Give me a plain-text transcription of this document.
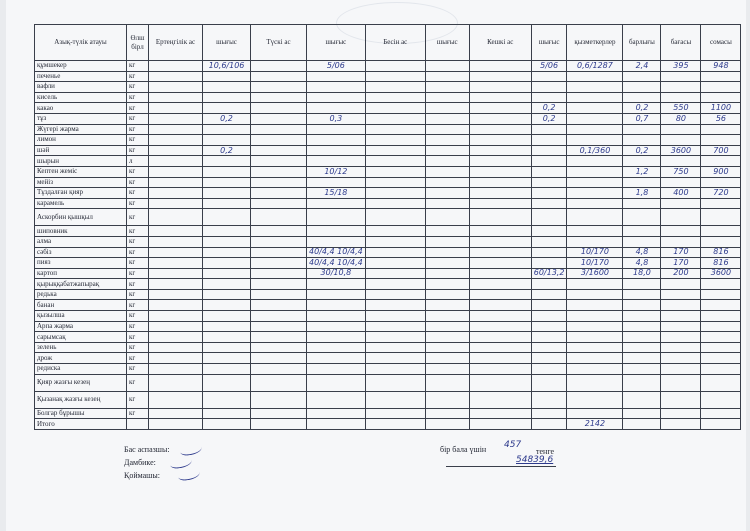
Азық-түлік атауы	Өлш бірл	Ертеңгілік ас	шығыс	Түскі ас	шығыс	Бесін ас	шығыс	Кешкі ас	шығыс	қызметкерлер	барлығы	бағасы	сомасы
құмшекер	кг		10,6/106		5/06				5/06	0,6/1287	2,4	395	948
печенье	кг												
вафли	кг												
кисель	кг												
какао	кг								0,2		0,2	550	1100
тұз	кг		0,2		0,3				0,2		0,7	80	56
Жүгері жарма	кг												
лимон	кг												
шәй	кг		0,2							0,1/360	0,2	3600	700
шырын	л												
Кептен жеміс	кг				10/12						1,2	750	900
мейіз	кг												
Тұздалған қияр	кг				15/18						1,8	400	720
карамель	кг												
Аскорбин қышқыл	кг												
шиповник	кг												
алма	кг												
сәбіз	кг				40/4,4 10/4,4					10/170	4,8	170	816
пияз	кг				40/4,4 10/4,4					10/170	4,8	170	816
картоп	кг				30/10,8				60/13,2	3/1600	18,0	200	3600
қырыққабатжапырақ	кг												
редька	кг												
банан	кг												
қызылша	кг												
Арпа жарма	кг												
сарымсақ	кг												
зелень	кг												
дрож	кг												
редиска	кг												
Қияр жазғы кезең	кг												
Қызанақ жазғы кезең	кг												
Болгар бұрышы	кг												
Итого										2142			
Бас аспазшы:
Дамбике:
Қоймашы:
бір бала үшін 457
тенге
54839,6
